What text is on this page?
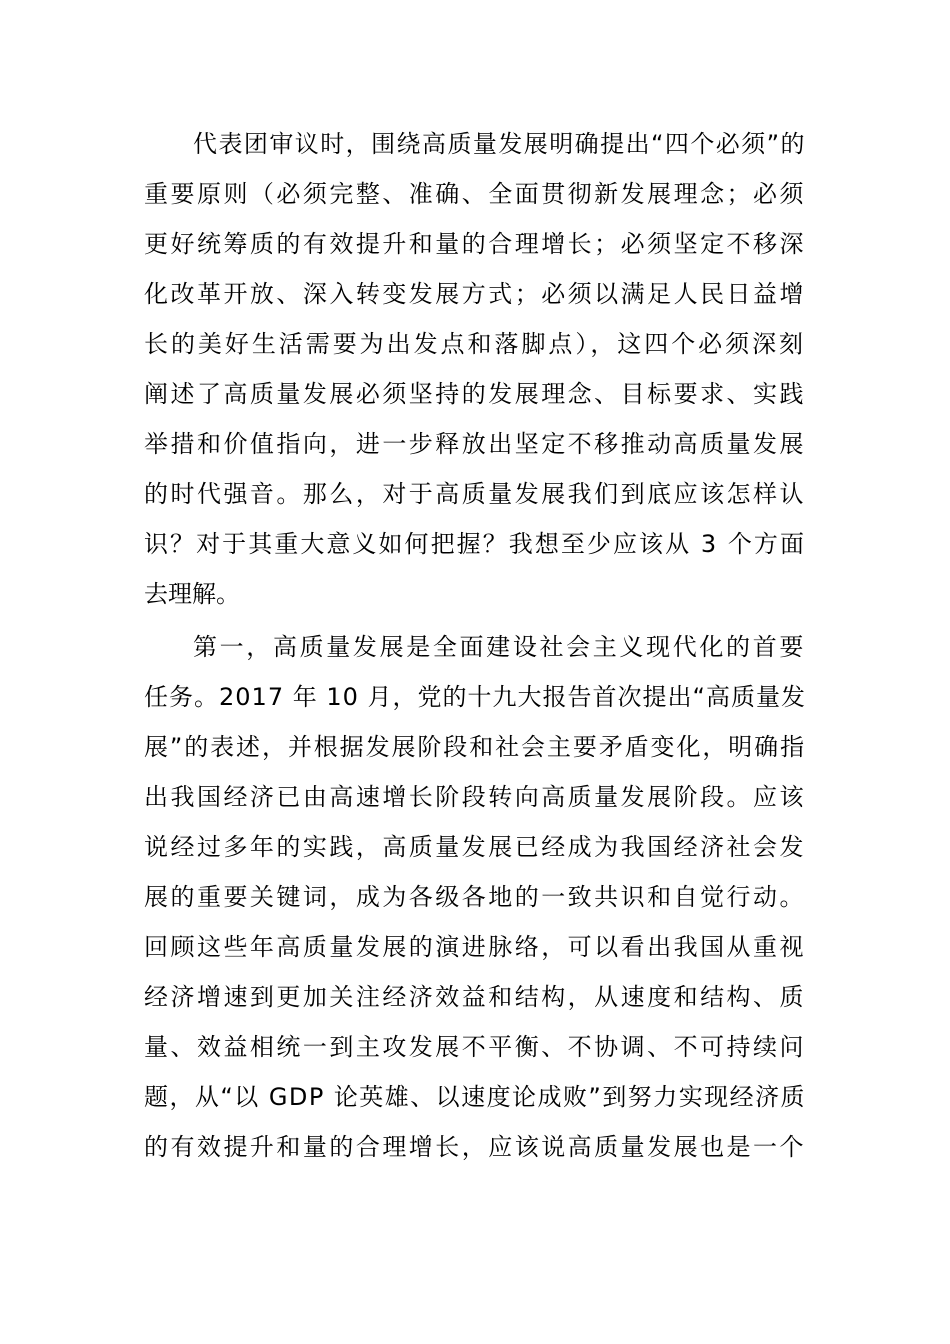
代表团审议时，围绕高质量发展明确提出“四个必须”的
重要原则（必须完整、准确、全面贯彻新发展理念；必须
更好统筹质的有效提升和量的合理增长；必须坚定不移深
化改革开放、深入转变发展方式；必须以满足人民日益增
长的美好生活需要为出发点和落脚点），这四个必须深刻
阐述了高质量发展必须坚持的发展理念、目标要求、实践
举措和价值指向，进一步释放出坚定不移推动高质量发展
的时代强音。那么，对于高质量发展我们到底应该怎样认
识？对于其重大意义如何把握？我想至少应该从 3 个方面
去理解。
第一，高质量发展是全面建设社会主义现代化的首要
任务。2017 年 10 月，党的十九大报告首次提出“高质量发
展”的表述，并根据发展阶段和社会主要矛盾变化，明确指
出我国经济已由高速增长阶段转向高质量发展阶段。应该
说经过多年的实践，高质量发展已经成为我国经济社会发
展的重要关键词，成为各级各地的一致共识和自觉行动。
回顾这些年高质量发展的演进脉络，可以看出我国从重视
经济增速到更加关注经济效益和结构，从速度和结构、质
量、效益相统一到主攻发展不平衡、不协调、不可持续问
题，从“以 GDP 论英雄、以速度论成败”到努力实现经济质
的有效提升和量的合理增长，应该说高质量发展也是一个
